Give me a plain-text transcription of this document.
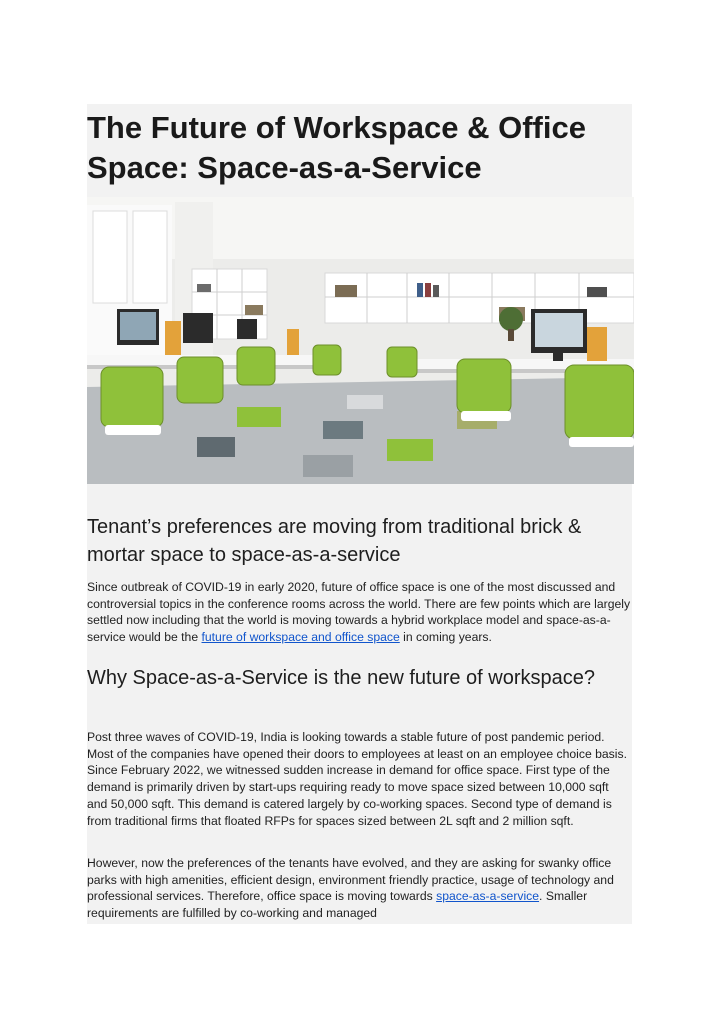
The Future of Workspace & Office Space: Space-as-a-Service
Tenant’s preferences are moving from traditional brick & mortar space to space-as-a-service

Since outbreak of COVID-19 in early 2020, future of office space is one of the most discussed and controversial topics in the conference rooms across the world. There are few points which are largely settled now including that the world is moving towards a hybrid workplace model and space-as-a-service would be the future of workspace and office space in coming years.

Why Space-as-a-Service is the new future of workspace?

Post three waves of COVID-19, India is looking towards a stable future of post pandemic period. Most of the companies have opened their doors to employees at least on an employee choice basis. Since February 2022, we witnessed sudden increase in demand for office space. First type of the demand is primarily driven by start-ups requiring ready to move space sized between 10,000 sqft and 50,000 sqft. This demand is catered largely by co-working spaces. Second type of demand is from traditional firms that floated RFPs for spaces sized between 2L sqft and 2 million sqft.

However, now the preferences of the tenants have evolved, and they are asking for swanky office parks with high amenities, efficient design, environment friendly practice, usage of technology and professional services. Therefore, office space is moving towards space-as-a-service. Smaller requirements are fulfilled by co-working and managed
